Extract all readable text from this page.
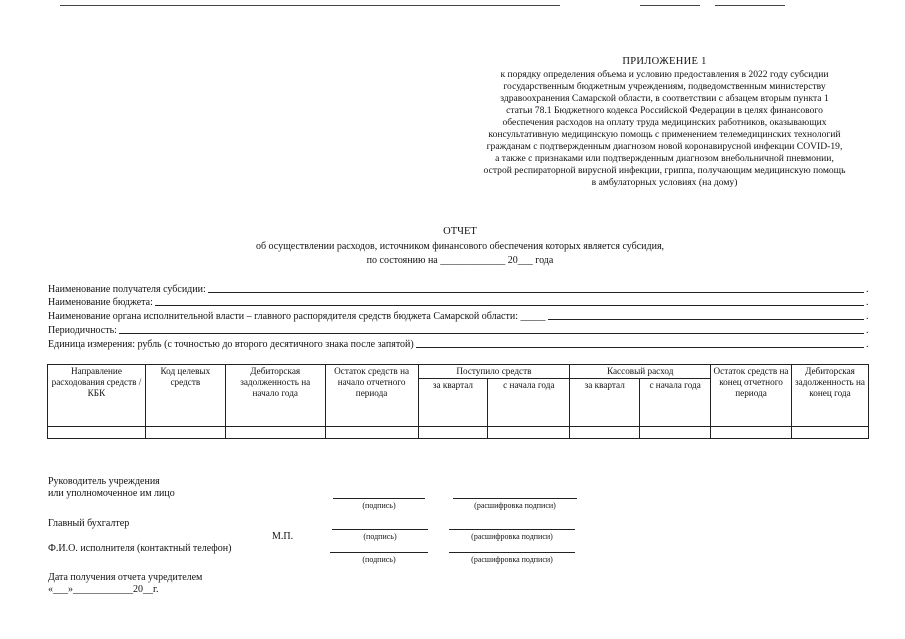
ПРИЛОЖЕНИЕ 1
к порядку определения объема и условию предоставления в 2022 году субсидии
государственным бюджетным учреждениям, подведомственным министерству
здравоохранения Самарской области, в соответствии с абзацем вторым пункта 1
статьи 78.1 Бюджетного кодекса Российской Федерации в целях финансового
обеспечения расходов на оплату труда медицинских работников, оказывающих
консультативную медицинскую помощь с применением телемедицинских технологий
гражданам с подтвержденным диагнозом новой коронавирусной инфекции COVID-19,
а также с признаками или подтвержденным диагнозом внебольничной пневмонии,
острой респираторной вирусной инфекции, гриппа, получающим медицинскую помощь
в амбулаторных условиях (на дому)
ОТЧЕТ
об осуществлении расходов, источником финансового обеспечения которых является субсидия,
по состоянию на _____________ 20___ года
Наименование получателя субсидии:	.
Наименование бюджета:	.
Наименование органа исполнительной власти – главного распорядителя средств бюджета Самарской области: _____	.
Периодичность:	.
Единица измерения: рубль (с точностью до второго десятичного знака после запятой)	.
Направление расходования средств / КБК	Код целевых средств	Дебиторская задолженность на начало года	Остаток средств на начало отчетного периода	Поступило средств		Кассовый расход		Остаток средств на конец отчетного периода	Дебиторская задолженность на конец года
				за квартал	с начала года	за квартал	с начала года		

Руководитель учреждения
или уполномоченное им лицо
(подпись)	(расшифровка подписи)
Главный бухгалтер
М.П.	(подпись)	(расшифровка подписи)
Ф.И.О. исполнителя (контактный телефон)
(подпись)	(расшифровка подписи)
Дата получения отчета учредителем
«___»____________20__г.
